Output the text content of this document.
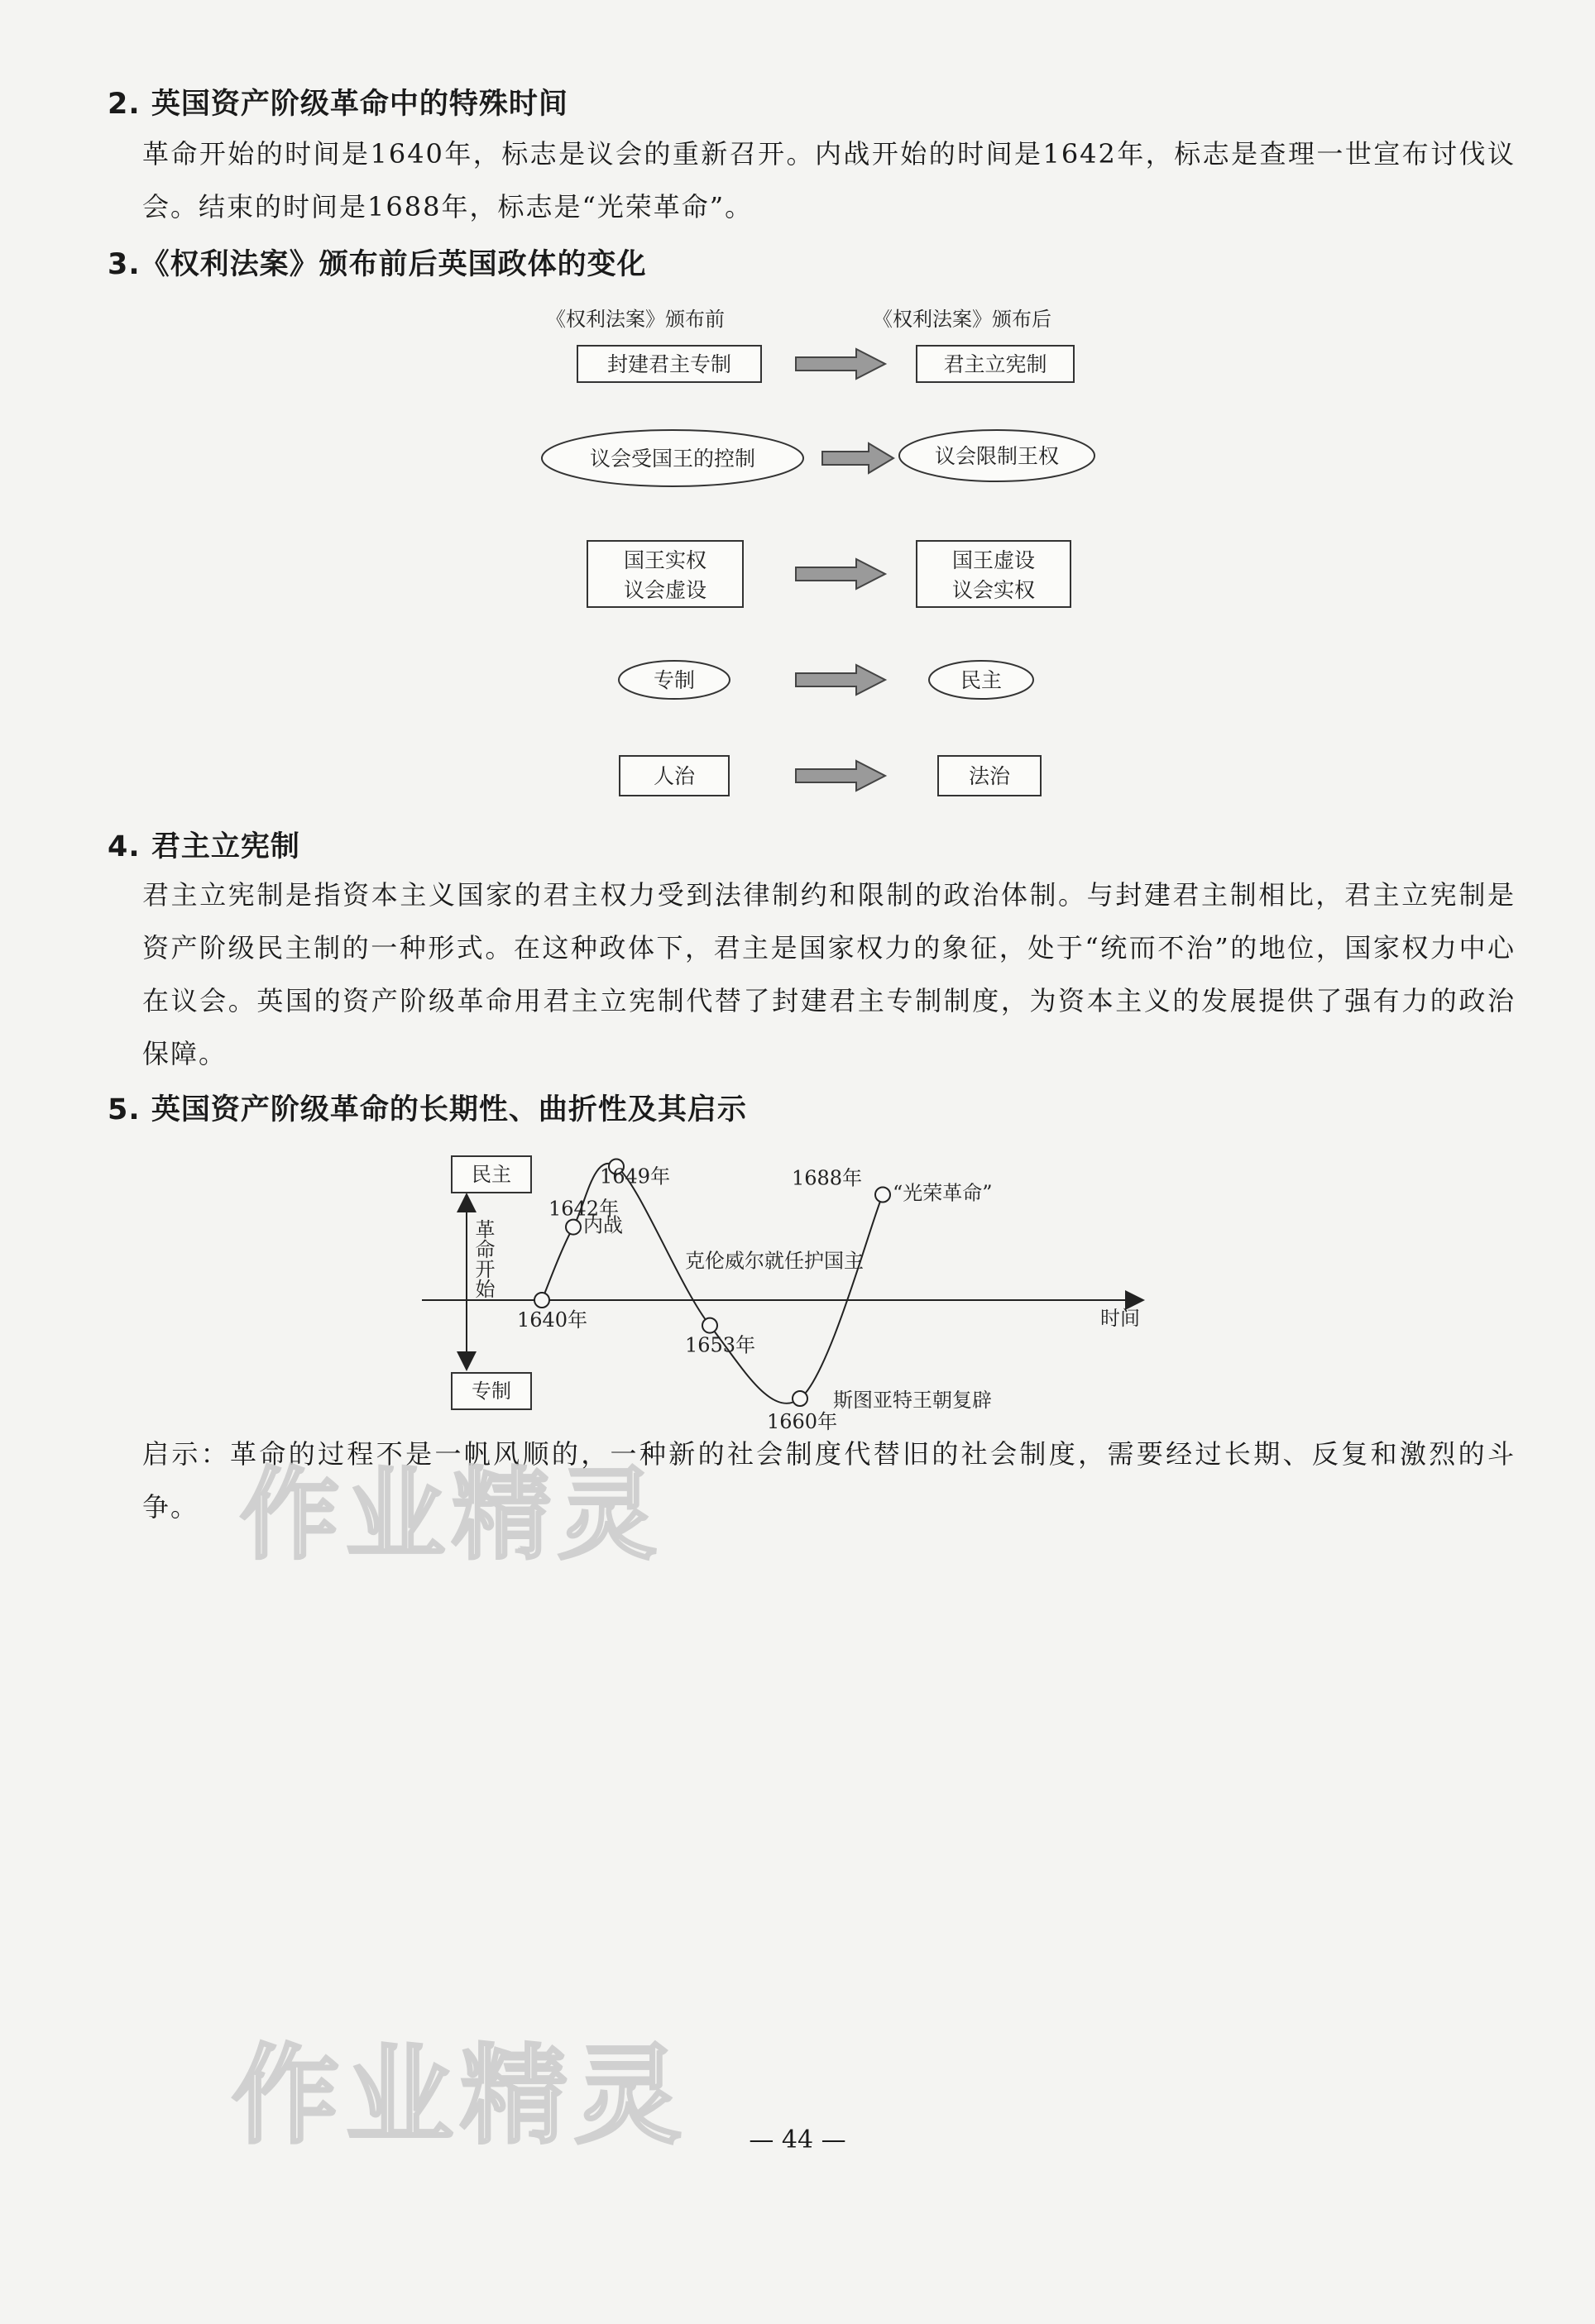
2. 英国资产阶级革命中的特殊时间

革命开始的时间是1640年，标志是议会的重新召开。内战开始的时间是1642年，标志是查理一世宣布讨伐议会。结束的时间是1688年，标志是“光荣革命”。

3.《权利法案》颁布前后英国政体的变化
《权利法案》颁布前	《权利法案》颁布后
封建君主专制	君主立宪制
议会受国王的控制	议会限制王权
国王实权
议会虚设
国王虚设
议会实权
专制	民主
人治	法治
4. 君主立宪制

君主立宪制是指资本主义国家的君主权力受到法律制约和限制的政治体制。与封建君主制相比，君主立宪制是资产阶级民主制的一种形式。在这种政体下，君主是国家权力的象征，处于“统而不治”的地位，国家权力中心在议会。英国的资产阶级革命用君主立宪制代替了封建君主专制制度，为资本主义的发展提供了强有力的政治保障。

5. 英国资产阶级革命的长期性、曲折性及其启示
民主
专制
革命开始
时间
1640年
1642年
内战
1649年
1653年
克伦威尔就任护国主
1660年
斯图亚特王朝复辟
1688年
“光荣革命”

启示：革命的过程不是一帆风顺的，一种新的社会制度代替旧的社会制度，需要经过长期、反复和激烈的斗争。 作业精灵
作业精灵	— 44 —
